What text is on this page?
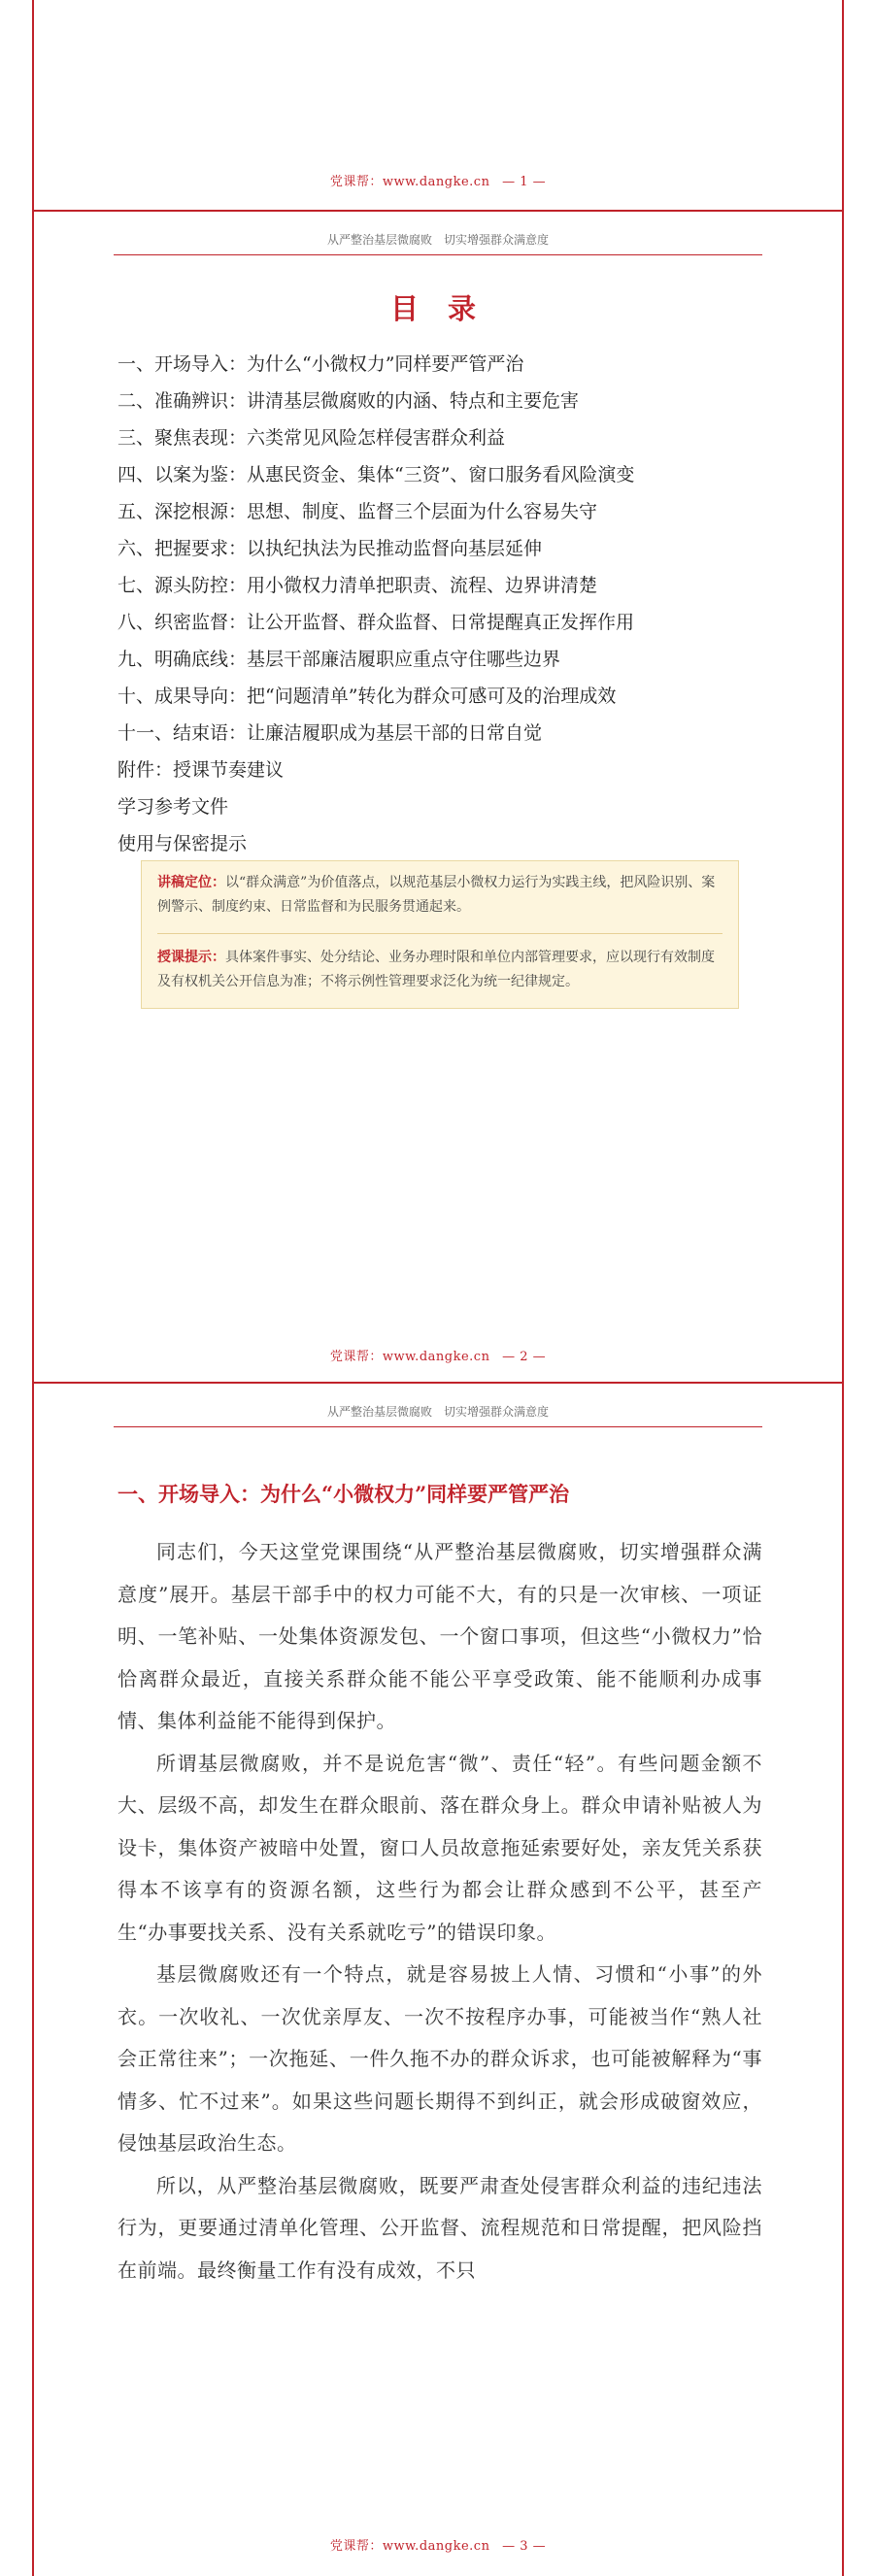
党课帮：www.dangke.cn — 1 —
从严整治基层微腐败　切实增强群众满意度
目 录
一、开场导入：为什么“小微权力”同样要严管严治
二、准确辨识：讲清基层微腐败的内涵、特点和主要危害
三、聚焦表现：六类常见风险怎样侵害群众利益
四、以案为鉴：从惠民资金、集体“三资”、窗口服务看风险演变
五、深挖根源：思想、制度、监督三个层面为什么容易失守
六、把握要求：以执纪执法为民推动监督向基层延伸
七、源头防控：用小微权力清单把职责、流程、边界讲清楚
八、织密监督：让公开监督、群众监督、日常提醒真正发挥作用
九、明确底线：基层干部廉洁履职应重点守住哪些边界
十、成果导向：把“问题清单”转化为群众可感可及的治理成效
十一、结束语：让廉洁履职成为基层干部的日常自觉
附件：授课节奏建议
学习参考文件
使用与保密提示

讲稿定位：以“群众满意”为价值落点，以规范基层小微权力运行为实践主线，把风险识别、案例警示、制度约束、日常监督和为民服务贯通起来。

授课提示：具体案件事实、处分结论、业务办理时限和单位内部管理要求，应以现行有效制度及有权机关公开信息为准；不将示例性管理要求泛化为统一纪律规定。

党课帮：www.dangke.cn — 2 —
从严整治基层微腐败　切实增强群众满意度
一、开场导入：为什么“小微权力”同样要严管严治

同志们，今天这堂党课围绕“从严整治基层微腐败，切实增强群众满意度”展开。基层干部手中的权力可能不大，有的只是一次审核、一项证明、一笔补贴、一处集体资源发包、一个窗口事项，但这些“小微权力”恰恰离群众最近，直接关系群众能不能公平享受政策、能不能顺利办成事情、集体利益能不能得到保护。

所谓基层微腐败，并不是说危害“微”、责任“轻”。有些问题金额不大、层级不高，却发生在群众眼前、落在群众身上。群众申请补贴被人为设卡，集体资产被暗中处置，窗口人员故意拖延索要好处，亲友凭关系获得本不该享有的资源名额，这些行为都会让群众感到不公平，甚至产生“办事要找关系、没有关系就吃亏”的错误印象。

基层微腐败还有一个特点，就是容易披上人情、习惯和“小事”的外衣。一次收礼、一次优亲厚友、一次不按程序办事，可能被当作“熟人社会正常往来”；一次拖延、一件久拖不办的群众诉求，也可能被解释为“事情多、忙不过来”。如果这些问题长期得不到纠正，就会形成破窗效应，侵蚀基层政治生态。

所以，从严整治基层微腐败，既要严肃查处侵害群众利益的违纪违法行为，更要通过清单化管理、公开监督、流程规范和日常提醒，把风险挡在前端。最终衡量工作有没有成效，不只

党课帮：www.dangke.cn — 3 —
